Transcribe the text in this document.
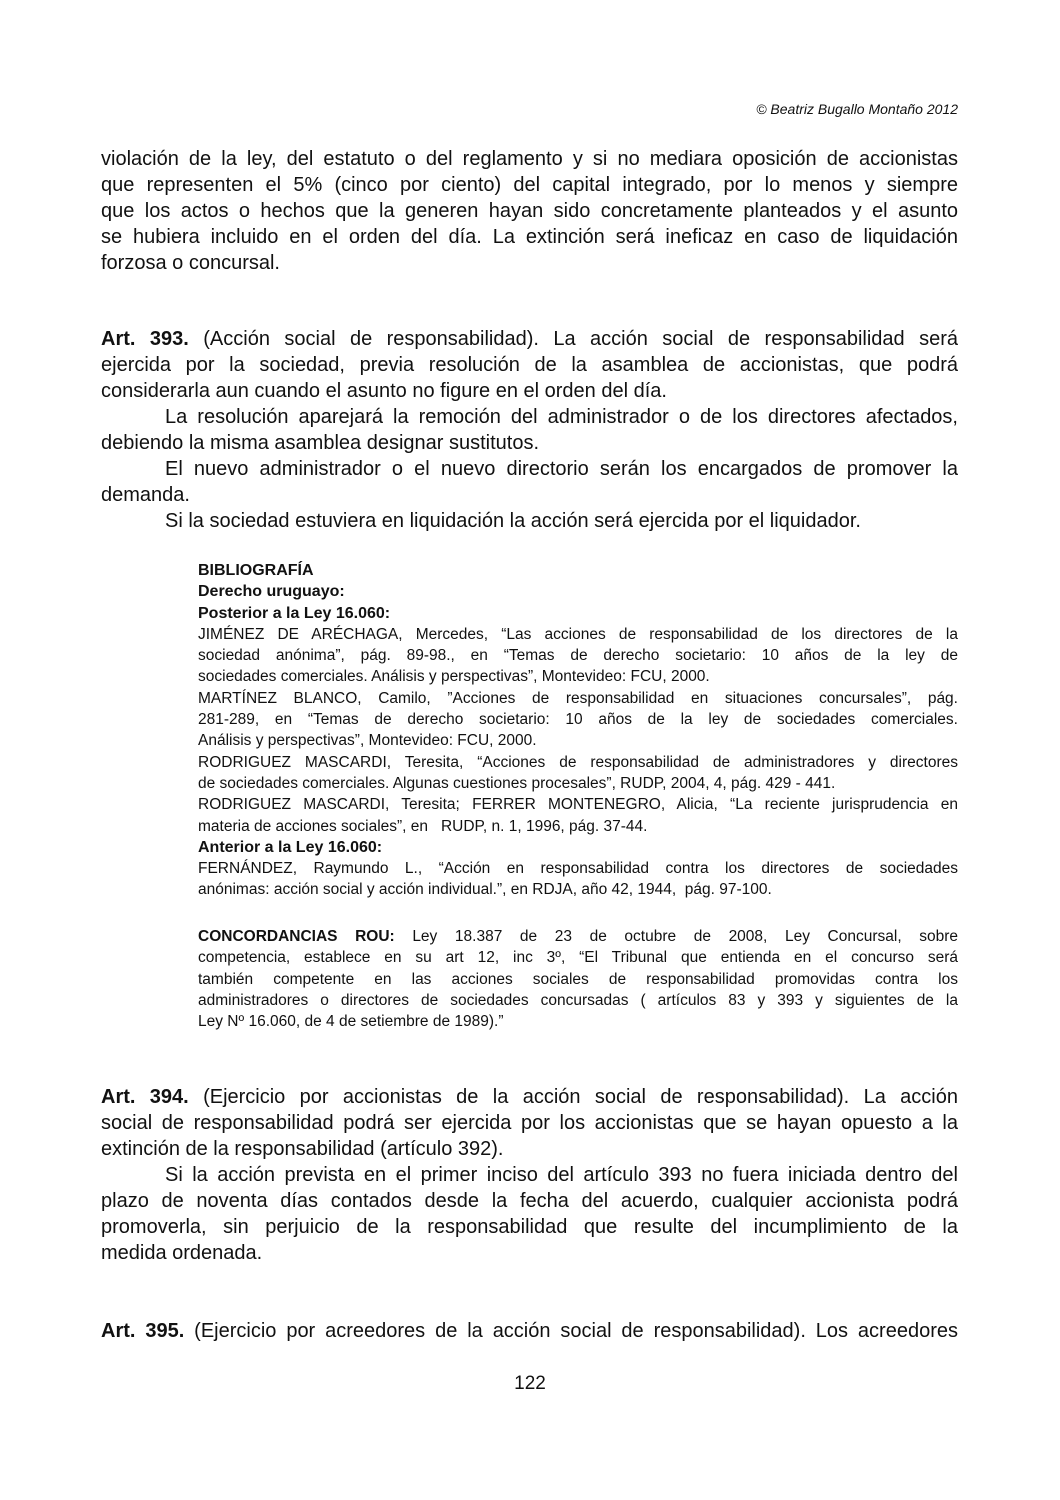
© Beatriz Bugallo Montaño 2012
violación de la ley, del estatuto o del reglamento y si no mediara oposición de accionistas
que representen el 5% (cinco por ciento) del capital integrado, por lo menos y siempre
que los actos o hechos que la generen hayan sido concretamente planteados y el asunto
se hubiera incluido en el orden del día. La extinción será ineficaz en caso de liquidación
forzosa o concursal.
Art. 393. (Acción social de responsabilidad). La acción social de responsabilidad será
ejercida por la sociedad, previa resolución de la asamblea de accionistas, que podrá
considerarla aun cuando el asunto no figure en el orden del día.
La resolución aparejará la remoción del administrador o de los directores afectados,
debiendo la misma asamblea designar sustitutos.
El nuevo administrador o el nuevo directorio serán los encargados de promover la
demanda.
Si la sociedad estuviera en liquidación la acción será ejercida por el liquidador.
BIBLIOGRAFÍA
Derecho uruguayo:
Posterior a la Ley 16.060:
JIMÉNEZ DE ARÉCHAGA, Mercedes, “Las acciones de responsabilidad de los directores de la
sociedad anónima”, pág. 89-98., en “Temas de derecho societario: 10 años de la ley de
sociedades comerciales. Análisis y perspectivas”, Montevideo: FCU, 2000.
MARTÍNEZ BLANCO, Camilo, ”Acciones de responsabilidad en situaciones concursales”, pág.
281-289, en “Temas de derecho societario: 10 años de la ley de sociedades comerciales.
Análisis y perspectivas”, Montevideo: FCU, 2000.
RODRIGUEZ MASCARDI, Teresita, “Acciones de responsabilidad de administradores y directores
de sociedades comerciales. Algunas cuestiones procesales”, RUDP, 2004, 4, pág. 429 - 441.
RODRIGUEZ MASCARDI, Teresita; FERRER MONTENEGRO, Alicia, “La reciente jurisprudencia en
materia de acciones sociales”, en   RUDP, n. 1, 1996, pág. 37-44.
Anterior a la Ley 16.060:
FERNÁNDEZ, Raymundo L., “Acción en responsabilidad contra los directores de sociedades
anónimas: acción social y acción individual.”, en RDJA, año 42, 1944,  pág. 97-100.
CONCORDANCIAS ROU: Ley 18.387 de 23 de octubre de 2008, Ley Concursal, sobre
competencia, establece en su art 12, inc 3º, “El Tribunal que entienda en el concurso será
también competente en las acciones sociales de responsabilidad promovidas contra los
administradores o directores de sociedades concursadas ( artículos 83 y 393 y siguientes de la
Ley Nº 16.060, de 4 de setiembre de 1989).”
Art. 394. (Ejercicio por accionistas de la acción social de responsabilidad). La acción
social de responsabilidad podrá ser ejercida por los accionistas que se hayan opuesto a la
extinción de la responsabilidad (artículo 392).
Si la acción prevista en el primer inciso del artículo 393 no fuera iniciada dentro del
plazo de noventa días contados desde la fecha del acuerdo, cualquier accionista podrá
promoverla, sin perjuicio de la responsabilidad que resulte del incumplimiento de la
medida ordenada.
Art. 395. (Ejercicio por acreedores de la acción social de responsabilidad). Los acreedores
122
